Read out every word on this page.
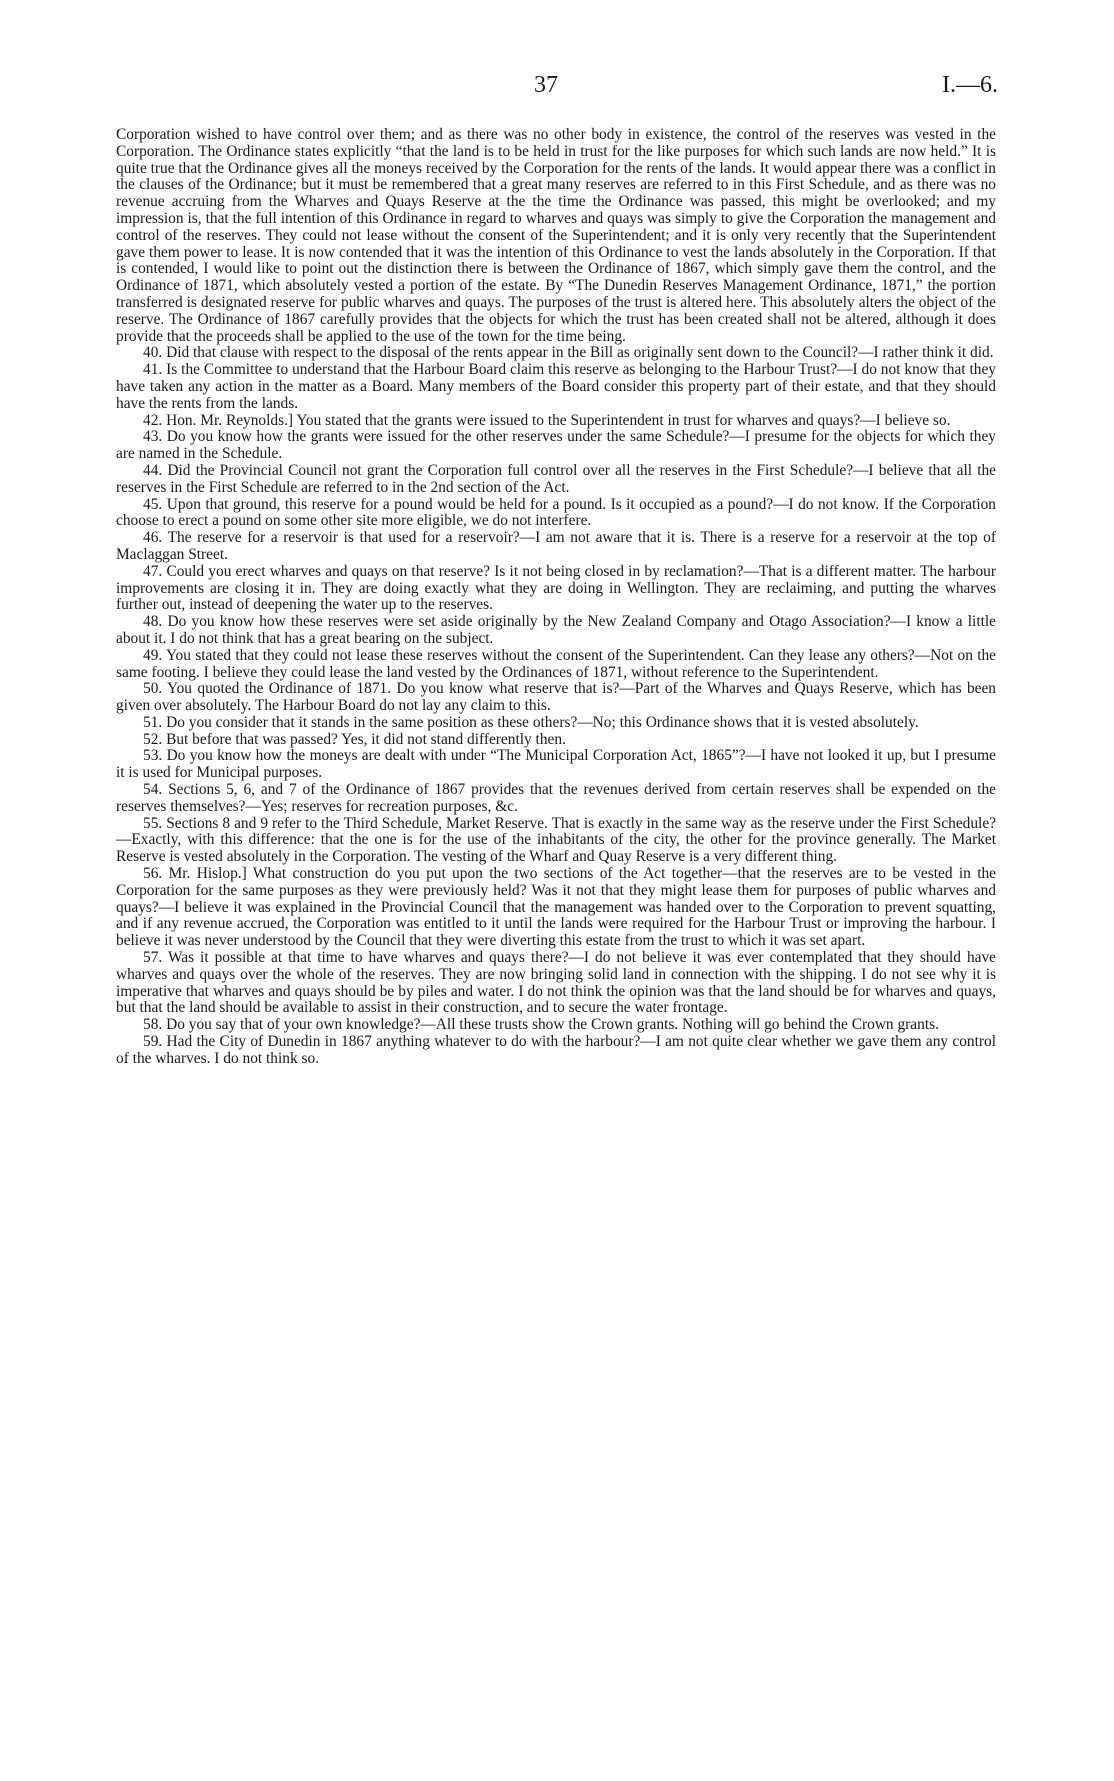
37	I.—6.

Corporation wished to have control over them; and as there was no other body in existence, the control of the reserves was vested in the Corporation. The Ordinance states explicitly “that the land is to be held in trust for the like purposes for which such lands are now held.” It is quite true that the Ordinance gives all the moneys received by the Corporation for the rents of the lands. It would appear there was a conflict in the clauses of the Ordinance; but it must be remembered that a great many reserves are referred to in this First Schedule, and as there was no revenue accruing from the Wharves and Quays Reserve at the the time the Ordinance was passed, this might be overlooked; and my impression is, that the full intention of this Ordinance in regard to wharves and quays was simply to give the Corporation the management and control of the reserves. They could not lease without the consent of the Superintendent; and it is only very recently that the Superintendent gave them power to lease. It is now contended that it was the intention of this Ordinance to vest the lands absolutely in the Corporation. If that is contended, I would like to point out the distinction there is between the Ordinance of 1867, which simply gave them the control, and the Ordinance of 1871, which absolutely vested a portion of the estate. By “The Dunedin Reserves Management Ordinance, 1871,” the portion transferred is designated reserve for public wharves and quays. The purposes of the trust is altered here. This absolutely alters the object of the reserve. The Ordinance of 1867 carefully provides that the objects for which the trust has been created shall not be altered, although it does provide that the proceeds shall be applied to the use of the town for the time being.

40. Did that clause with respect to the disposal of the rents appear in the Bill as originally sent down to the Council?—I rather think it did.

41. Is the Committee to understand that the Harbour Board claim this reserve as belonging to the Harbour Trust?—I do not know that they have taken any action in the matter as a Board. Many members of the Board consider this property part of their estate, and that they should have the rents from the lands.

42. Hon. Mr. Reynolds.] You stated that the grants were issued to the Superintendent in trust for wharves and quays?—I believe so.

43. Do you know how the grants were issued for the other reserves under the same Schedule?—I presume for the objects for which they are named in the Schedule.

44. Did the Provincial Council not grant the Corporation full control over all the reserves in the First Schedule?—I believe that all the reserves in the First Schedule are referred to in the 2nd section of the Act.

45. Upon that ground, this reserve for a pound would be held for a pound. Is it occupied as a pound?—I do not know. If the Corporation choose to erect a pound on some other site more eligible, we do not interfere.

46. The reserve for a reservoir is that used for a reservoir?—I am not aware that it is. There is a reserve for a reservoir at the top of Maclaggan Street.

47. Could you erect wharves and quays on that reserve? Is it not being closed in by reclamation?—That is a different matter. The harbour improvements are closing it in. They are doing exactly what they are doing in Wellington. They are reclaiming, and putting the wharves further out, instead of deepening the water up to the reserves.

48. Do you know how these reserves were set aside originally by the New Zealand Company and Otago Association?—I know a little about it. I do not think that has a great bearing on the subject.

49. You stated that they could not lease these reserves without the consent of the Superintendent. Can they lease any others?—Not on the same footing. I believe they could lease the land vested by the Ordinances of 1871, without reference to the Superintendent.

50. You quoted the Ordinance of 1871. Do you know what reserve that is?—Part of the Wharves and Quays Reserve, which has been given over absolutely. The Harbour Board do not lay any claim to this.

51. Do you consider that it stands in the same position as these others?—No; this Ordinance shows that it is vested absolutely.

52. But before that was passed? Yes, it did not stand differently then.

53. Do you know how the moneys are dealt with under “The Municipal Corporation Act, 1865”?—I have not looked it up, but I presume it is used for Municipal purposes.

54. Sections 5, 6, and 7 of the Ordinance of 1867 provides that the revenues derived from certain reserves shall be expended on the reserves themselves?—Yes; reserves for recreation purposes, &c.

55. Sections 8 and 9 refer to the Third Schedule, Market Reserve. That is exactly in the same way as the reserve under the First Schedule?—Exactly, with this difference: that the one is for the use of the inhabitants of the city, the other for the province generally. The Market Reserve is vested absolutely in the Corporation. The vesting of the Wharf and Quay Reserve is a very different thing.

56. Mr. Hislop.] What construction do you put upon the two sections of the Act together—that the reserves are to be vested in the Corporation for the same purposes as they were previously held? Was it not that they might lease them for purposes of public wharves and quays?—I believe it was explained in the Provincial Council that the management was handed over to the Corporation to prevent squatting, and if any revenue accrued, the Corporation was entitled to it until the lands were required for the Harbour Trust or improving the harbour. I believe it was never understood by the Council that they were diverting this estate from the trust to which it was set apart.

57. Was it possible at that time to have wharves and quays there?—I do not believe it was ever contemplated that they should have wharves and quays over the whole of the reserves. They are now bringing solid land in connection with the shipping. I do not see why it is imperative that wharves and quays should be by piles and water. I do not think the opinion was that the land should be for wharves and quays, but that the land should be available to assist in their construction, and to secure the water frontage.

58. Do you say that of your own knowledge?—All these trusts show the Crown grants. Nothing will go behind the Crown grants.

59. Had the City of Dunedin in 1867 anything whatever to do with the harbour?—I am not quite clear whether we gave them any control of the wharves. I do not think so.
